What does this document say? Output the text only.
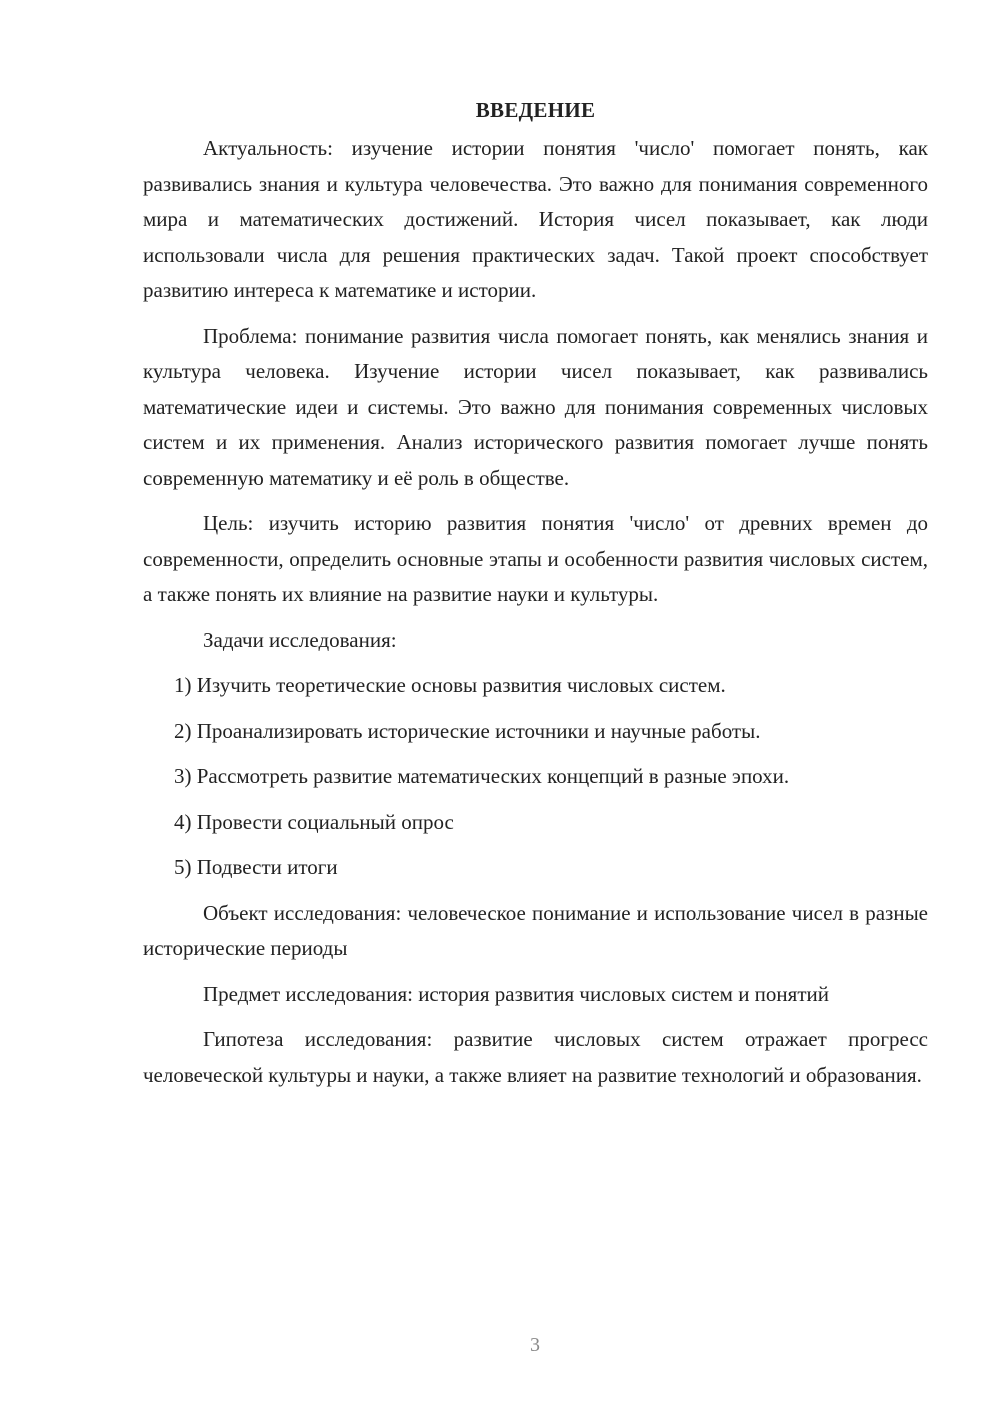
ВВЕДЕНИЕ

Актуальность: изучение истории понятия 'число' помогает понять, как развивались знания и культура человечества. Это важно для понимания современного мира и математических достижений. История чисел показывает, как люди использовали числа для решения практических задач. Такой проект способствует развитию интереса к математике и истории.

Проблема: понимание развития числа помогает понять, как менялись знания и культура человека. Изучение истории чисел показывает, как развивались математические идеи и системы. Это важно для понимания современных числовых систем и их применения. Анализ исторического развития помогает лучше понять современную математику и её роль в обществе.

Цель: изучить историю развития понятия 'число' от древних времен до современности, определить основные этапы и особенности развития числовых систем, а также понять их влияние на развитие науки и культуры.

Задачи исследования:
1) Изучить теоретические основы развития числовых систем.
2) Проанализировать исторические источники и научные работы.
3) Рассмотреть развитие математических концепций в разные эпохи.
4) Провести социальный опрос
5) Подвести итоги

Объект исследования: человеческое понимание и использование чисел в разные исторические периоды

Предмет исследования: история развития числовых систем и понятий

Гипотеза исследования: развитие числовых систем отражает прогресс человеческой культуры и науки, а также влияет на развитие технологий и образования.

3
